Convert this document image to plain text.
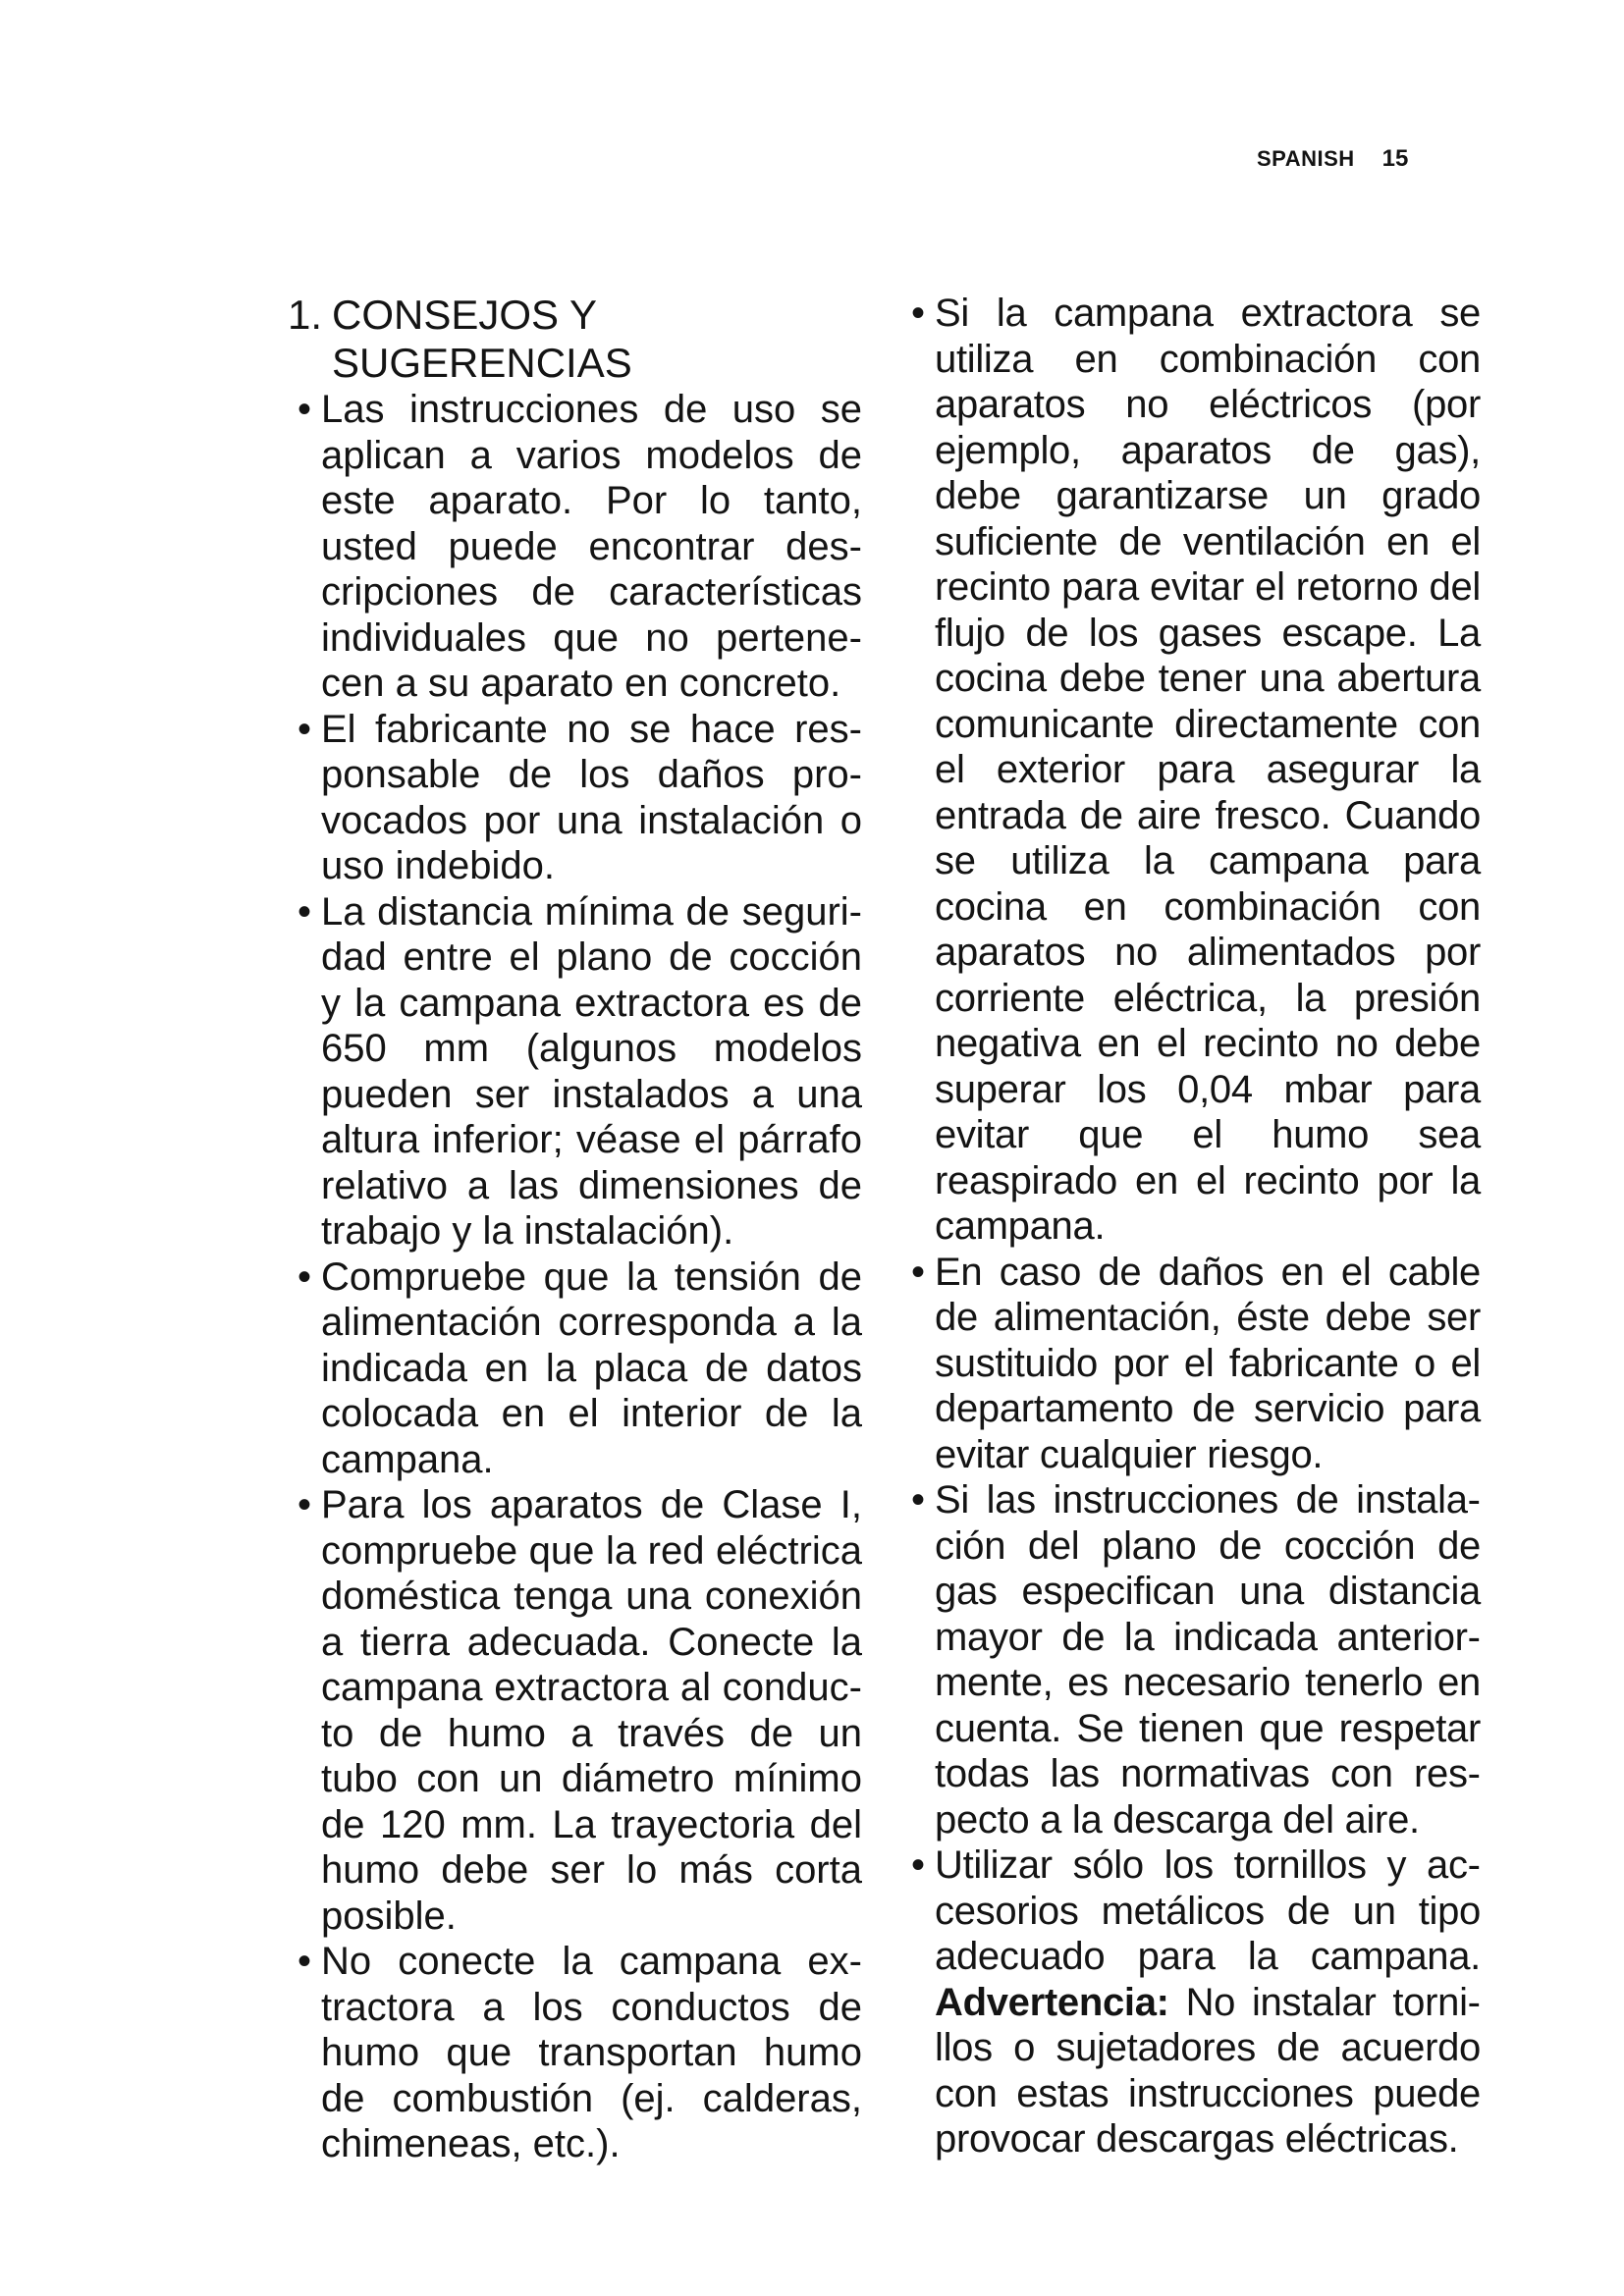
SPANISH 15
1. CONSEJOS Y SUGERENCIAS
• Las instrucciones de uso se aplican a varios modelos de este aparato. Por lo tanto, usted puede encontrar descripciones de características individuales que no pertenecen a su aparato en concreto.
• El fabricante no se hace responsable de los daños provocados por una instalación o uso indebido.
• La distancia mínima de seguridad entre el plano de cocción y la campana extractora es de 650 mm (algunos modelos pueden ser instalados a una altura inferior; véase el párrafo relativo a las dimensiones de trabajo y la instalación).
• Compruebe que la tensión de alimentación corresponda a la indicada en la placa de datos colocada en el interior de la campana.
• Para los aparatos de Clase I, compruebe que la red eléctrica doméstica tenga una conexión a tierra adecuada. Conecte la campana extractora al conducto de humo a través de un tubo con un diámetro mínimo de 120 mm. La trayectoria del humo debe ser lo más corta posible.
• No conecte la campana extractora a los conductos de humo que transportan humo de combustión (ej. calderas, chimeneas, etc.).
• Si la campana extractora se utiliza en combinación con aparatos no eléctricos (por ejemplo, aparatos de gas), debe garantizarse un grado suficiente de ventilación en el recinto para evitar el retorno del flujo de los gases escape. La cocina debe tener una abertura comunicante directamente con el exterior para asegurar la entrada de aire fresco. Cuando se utiliza la campana para cocina en combinación con aparatos no alimentados por corriente eléctrica, la presión negativa en el recinto no debe superar los 0,04 mbar para evitar que el humo sea reaspirado en el recinto por la campana.
• En caso de daños en el cable de alimentación, éste debe ser sustituido por el fabricante o el departamento de servicio para evitar cualquier riesgo.
• Si las instrucciones de instalación del plano de cocción de gas especifican una distancia mayor de la indicada anteriormente, es necesario tenerlo en cuenta. Se tienen que respetar todas las normativas con respecto a la descarga del aire.
• Utilizar sólo los tornillos y accesorios metálicos de un tipo adecuado para la campana. Advertencia: No instalar tornillos o sujetadores de acuerdo con estas instrucciones puede provocar descargas eléctricas.
